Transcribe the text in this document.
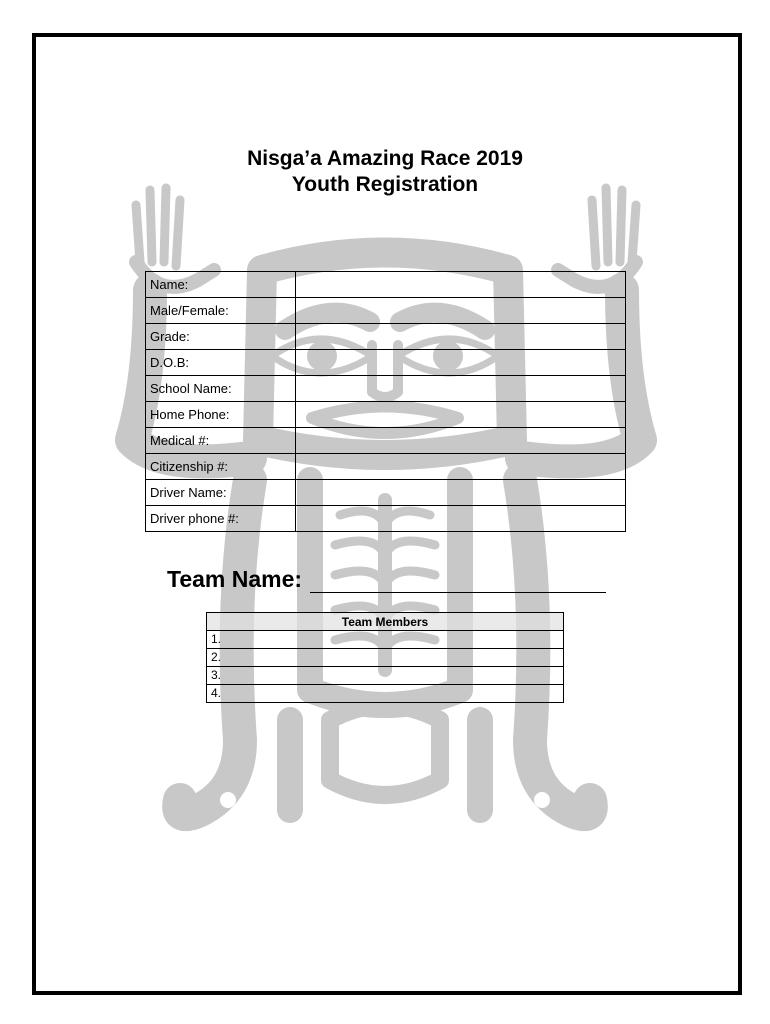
Nisga’a Amazing Race 2019
Youth Registration
Name:	
Male/Female:	
Grade:	
D.O.B:	
School Name:	
Home Phone:	
Medical #:	
Citizenship #:	
Driver Name:	
Driver phone #:	
Team Name:
Team Members
1.
2.
3.
4.
